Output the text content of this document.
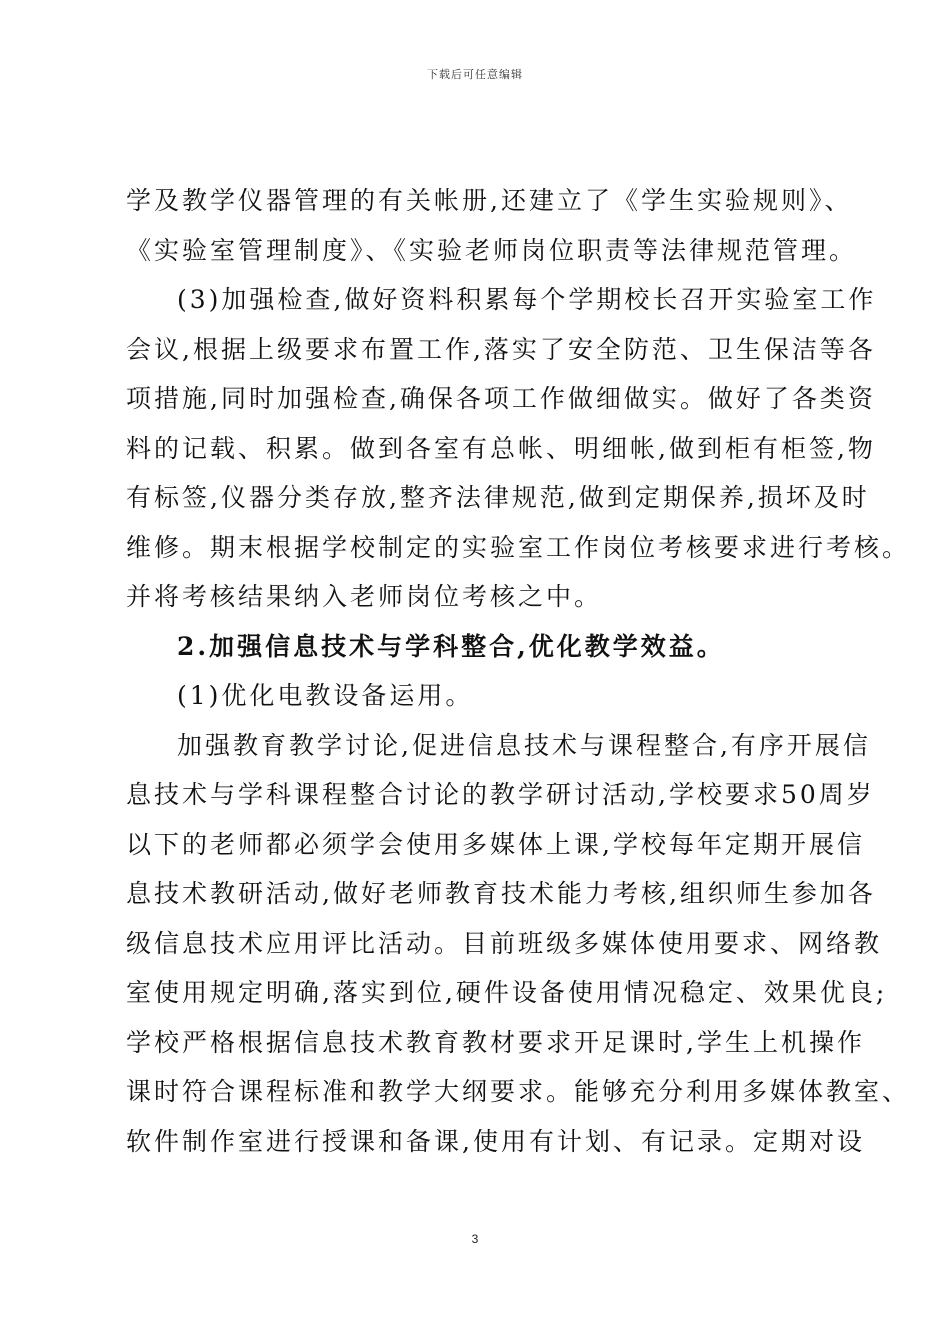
下载后可任意编辑
学及教学仪器管理的有关帐册,还建立了《学生实验规则》、
《实验室管理制度》、《实验老师岗位职责等法律规范管理。
(3)加强检查,做好资料积累每个学期校长召开实验室工作
会议,根据上级要求布置工作,落实了安全防范、卫生保洁等各
项措施,同时加强检查,确保各项工作做细做实。做好了各类资
料的记载、积累。做到各室有总帐、明细帐,做到柜有柜签,物
有标签,仪器分类存放,整齐法律规范,做到定期保养,损坏及时
维修。期末根据学校制定的实验室工作岗位考核要求进行考核。
并将考核结果纳入老师岗位考核之中。
2.加强信息技术与学科整合,优化教学效益。
(1)优化电教设备运用。
加强教育教学讨论,促进信息技术与课程整合,有序开展信
息技术与学科课程整合讨论的教学研讨活动,学校要求50周岁
以下的老师都必须学会使用多媒体上课,学校每年定期开展信
息技术教研活动,做好老师教育技术能力考核,组织师生参加各
级信息技术应用评比活动。目前班级多媒体使用要求、网络教
室使用规定明确,落实到位,硬件设备使用情况稳定、效果优良;
学校严格根据信息技术教育教材要求开足课时,学生上机操作
课时符合课程标准和教学大纲要求。能够充分利用多媒体教室、
软件制作室进行授课和备课,使用有计划、有记录。定期对设
3
